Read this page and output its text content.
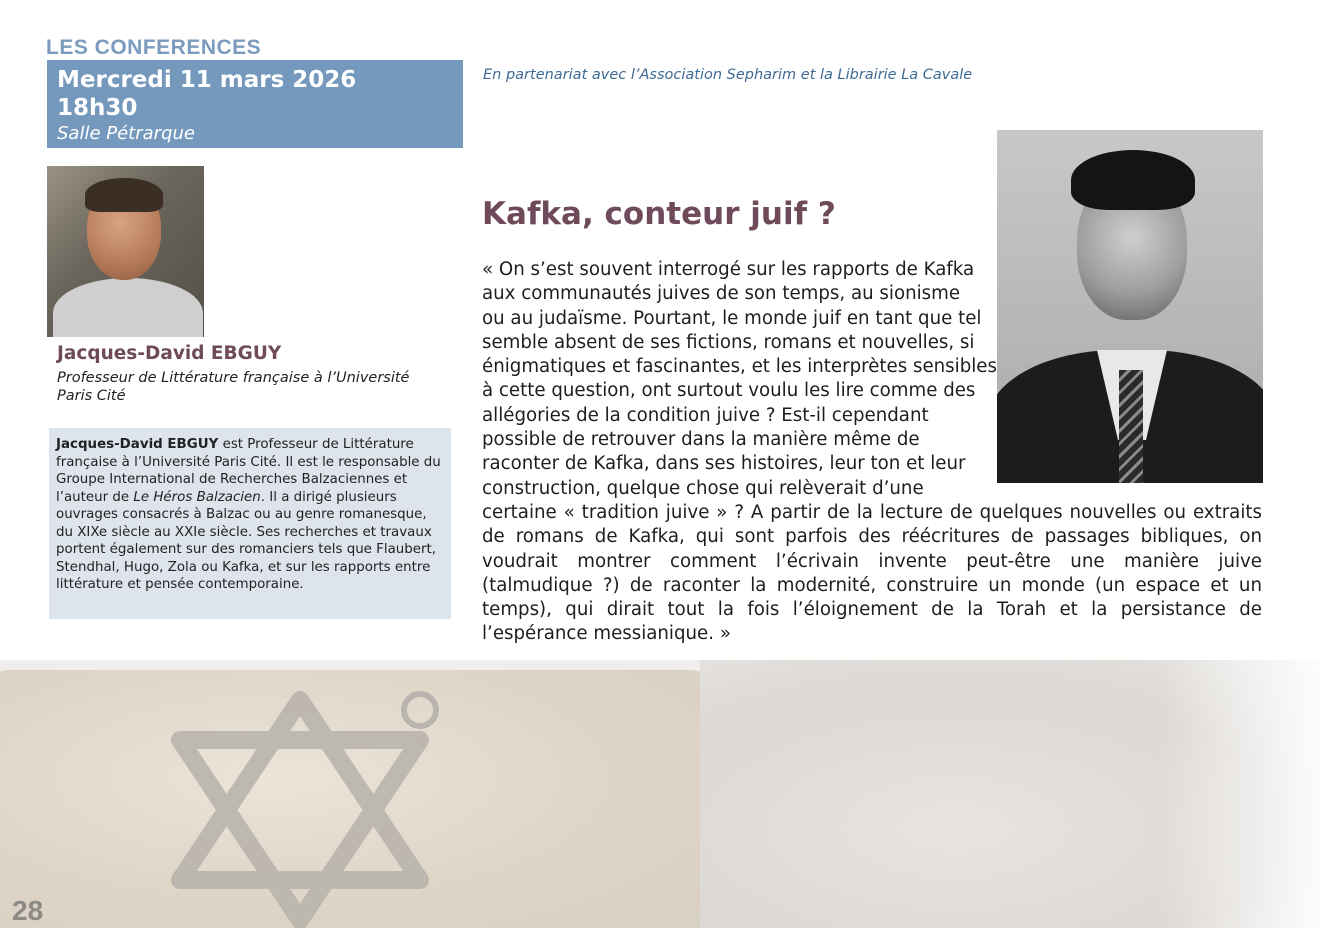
LES CONFERENCES
Mercredi 11 mars 2026
18h30
Salle Pétrarque
En partenariat avec l’Association Sepharim et la Librairie La Cavale
Jacques-David EBGUY
Professeur de Littérature française à l’Université Paris Cité
Jacques-David EBGUY est Professeur de Littérature française à l’Université Paris Cité. Il est le responsable du Groupe International de Recherches Balzaciennes et l’auteur de Le Héros Balzacien. Il a dirigé plusieurs ouvrages consacrés à Balzac ou au genre romanesque, du XIXe siècle au XXIe siècle. Ses recherches et travaux portent également sur des romanciers tels que Flaubert, Stendhal, Hugo, Zola ou Kafka, et sur les rapports entre littérature et pensée contemporaine.
Kafka, conteur juif ?
« On s’est souvent interrogé sur les rapports de Kafka
aux communautés juives de son temps, au sionisme
ou au judaïsme. Pourtant, le monde juif en tant que tel
semble absent de ses fictions, romans et nouvelles, si
énigmatiques et fascinantes, et les interprètes sensibles
à cette question, ont surtout voulu les lire comme des
allégories de la condition juive ? Est-il cependant
possible de retrouver dans la manière même de
raconter de Kafka, dans ses histoires, leur ton et leur
construction, quelque chose qui relèverait d’une
certaine « tradition juive » ? A partir de la lecture de quelques nouvelles ou extraits de romans de Kafka, qui sont parfois des réécritures de passages bibliques, on voudrait montrer comment l’écrivain invente peut-être une manière juive (talmudique ?) de raconter la modernité, construire un monde (un espace et un temps), qui dirait tout la fois l’éloignement de la Torah et la persistance de l’espérance messianique. »
28
